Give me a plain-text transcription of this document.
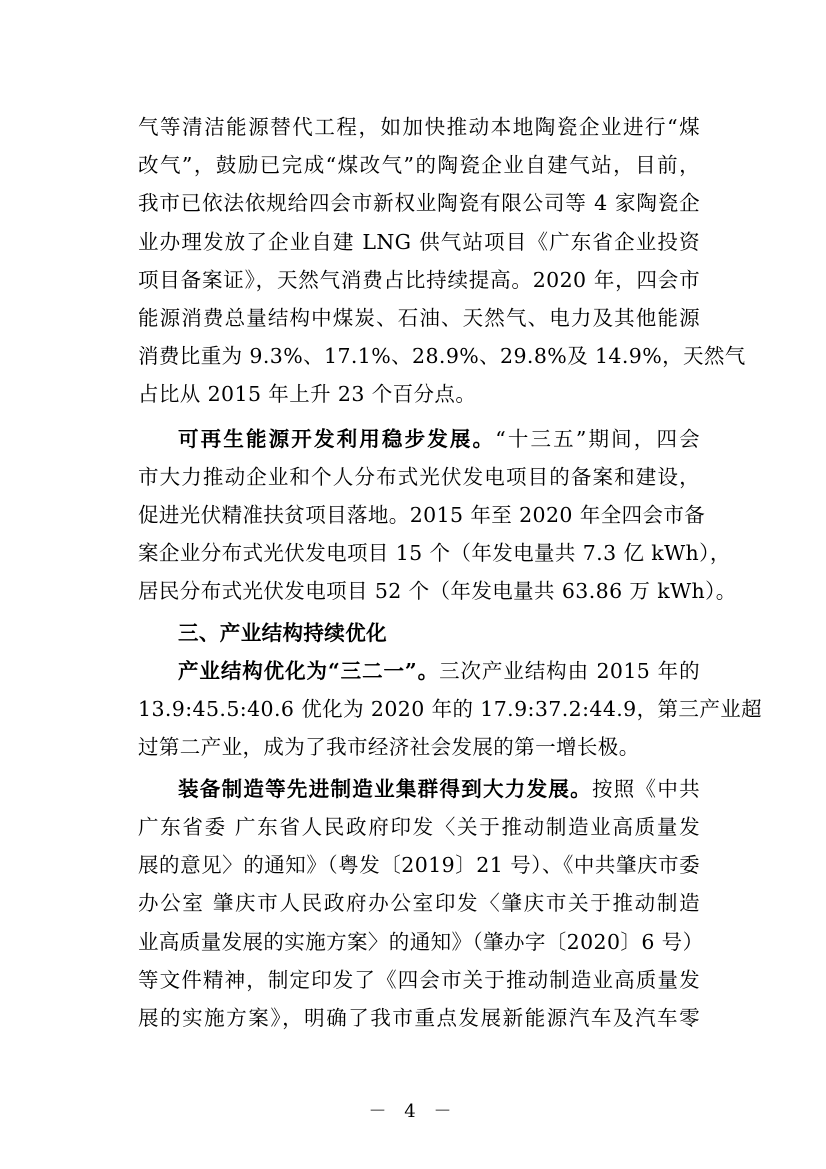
气等清洁能源替代工程，如加快推动本地陶瓷企业进行“煤
改气”，鼓励已完成“煤改气”的陶瓷企业自建气站，目前，
我市已依法依规给四会市新权业陶瓷有限公司等 4 家陶瓷企
业办理发放了企业自建 LNG 供气站项目《广东省企业投资
项目备案证》，天然气消费占比持续提高。2020 年，四会市
能源消费总量结构中煤炭、石油、天然气、电力及其他能源
消费比重为 9.3%、17.1%、28.9%、29.8%及 14.9%，天然气
占比从 2015 年上升 23 个百分点。
可再生能源开发利用稳步发展。“十三五”期间，四会
市大力推动企业和个人分布式光伏发电项目的备案和建设，
促进光伏精准扶贫项目落地。2015 年至 2020 年全四会市备
案企业分布式光伏发电项目 15 个（年发电量共 7.3 亿 kWh），
居民分布式光伏发电项目 52 个（年发电量共 63.86 万 kWh）。
三、产业结构持续优化
产业结构优化为“三二一”。三次产业结构由 2015 年的
13.9:45.5:40.6 优化为 2020 年的 17.9:37.2:44.9，第三产业超
过第二产业，成为了我市经济社会发展的第一增长极。
装备制造等先进制造业集群得到大力发展。按照《中共
广东省委 广东省人民政府印发〈关于推动制造业高质量发
展的意见〉的通知》（粤发〔2019〕21 号）、《中共肇庆市委
办公室 肇庆市人民政府办公室印发〈肇庆市关于推动制造
业高质量发展的实施方案〉的通知》（肇办字〔2020〕6 号）
等文件精神，制定印发了《四会市关于推动制造业高质量发
展的实施方案》，明确了我市重点发展新能源汽车及汽车零
－ 4 －
